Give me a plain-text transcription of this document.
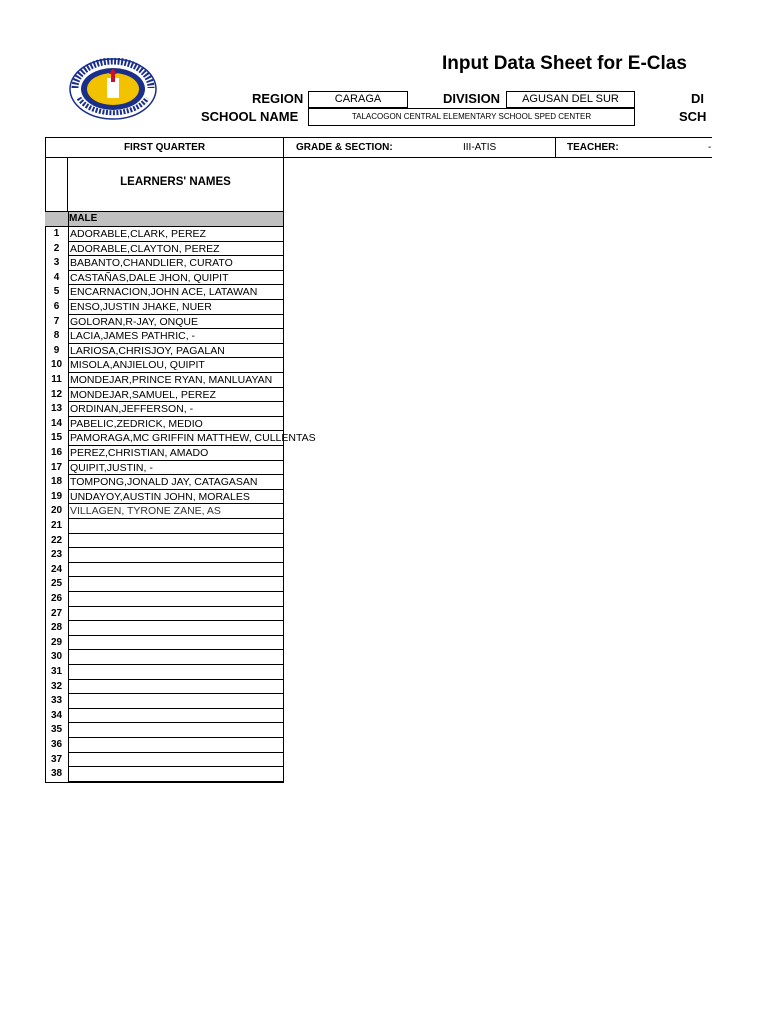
Input Data Sheet for E-Clas
REGION	CARAGA	DIVISION	AGUSAN DEL SUR	DI
SCHOOL NAME	TALACOGON CENTRAL ELEMENTARY SCHOOL SPED CENTER	SCH
FIRST QUARTER	GRADE & SECTION:	III-ATIS	TEACHER:	-
LEARNERS' NAMES
MALE
1	ADORABLE,CLARK, PEREZ
2	ADORABLE,CLAYTON, PEREZ
3	BABANTO,CHANDLIER, CURATO
4	CASTAÑAS,DALE JHON, QUIPIT
5	ENCARNACION,JOHN ACE, LATAWAN
6	ENSO,JUSTIN JHAKE, NUER
7	GOLORAN,R-JAY, ONQUE
8	LACIA,JAMES PATHRIC, -
9	LARIOSA,CHRISJOY, PAGALAN
10 MISOLA,ANJIELOU, QUIPIT
11 MONDEJAR,PRINCE RYAN, MANLUAYAN
12 MONDEJAR,SAMUEL, PEREZ
13 ORDINAN,JEFFERSON, -
14 PABELIC,ZEDRICK, MEDIO
15 PAMORAGA,MC GRIFFIN MATTHEW, CULLENTAS
16 PEREZ,CHRISTIAN, AMADO
17 QUIPIT,JUSTIN, -
18 TOMPONG,JONALD JAY, CATAGASAN
19 UNDAYOY,AUSTIN JOHN, MORALES
20 VILLAGEN, TYRONE ZANE, AS
21
22
23
24
25
26
27
28
29
30
31
32
33
34
35
36
37
38
